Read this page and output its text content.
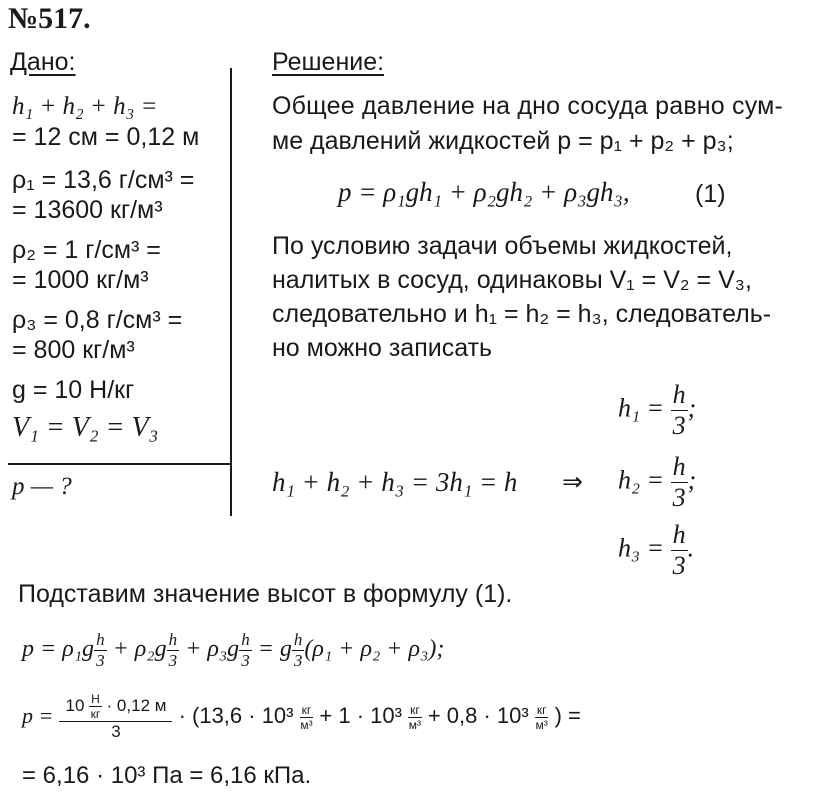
№517.
Дано:
h₁ + h₂ + h₃ =
= 12 см = 0,12 м
ρ₁ = 13,6 г/см³ =
= 13600 кг/м³
ρ₂ = 1 г/см³ =
= 1000 кг/м³
ρ₃ = 0,8 г/см³ =
= 800 кг/м³
g = 10 Н/кг
V₁ = V₂ = V₃
p — ?
Решение:
Общее давление на дно сосуда равно сум-
ме давлений жидкостей p = p₁ + p₂ + p₃;
p = ρ₁gh₁ + ρ₂gh₂ + ρ₃gh₃,	(1)
По условию задачи объемы жидкостей,
налитых в сосуд, одинаковы V₁ = V₂ = V₃,
следовательно и h₁ = h₂ = h₃, следователь-
но можно записать
h₁ + h₂ + h₃ = 3h₁ = h ⇒
$h_1 = \frac{h}{3}$ ;
$h_2 = \frac{h}{3}$ ;
$h_3 = \frac{h}{3}$ .
Подставим значение высот в формулу (1).
$p = \rho_1g \frac{h}{3} + \rho_2g \frac{h}{3} + \rho_3g \frac{h}{3} = g \frac{h}{3} (\rho_1 + \rho_2 + \rho_3)$;
$p = \frac{10 \frac{Н}{кг} \cdot 0,12 м}{3} \cdot (13,6 \cdot 10^3 \frac{кг}{\text{м³}} + 1 \cdot 10^3 \frac{кг}{\text{м³}} + 0,8 \cdot 10^3 \frac{кг}{\text{м³}}$ ) =
= 6,16 · 10³ Па = 6,16 кПа.
